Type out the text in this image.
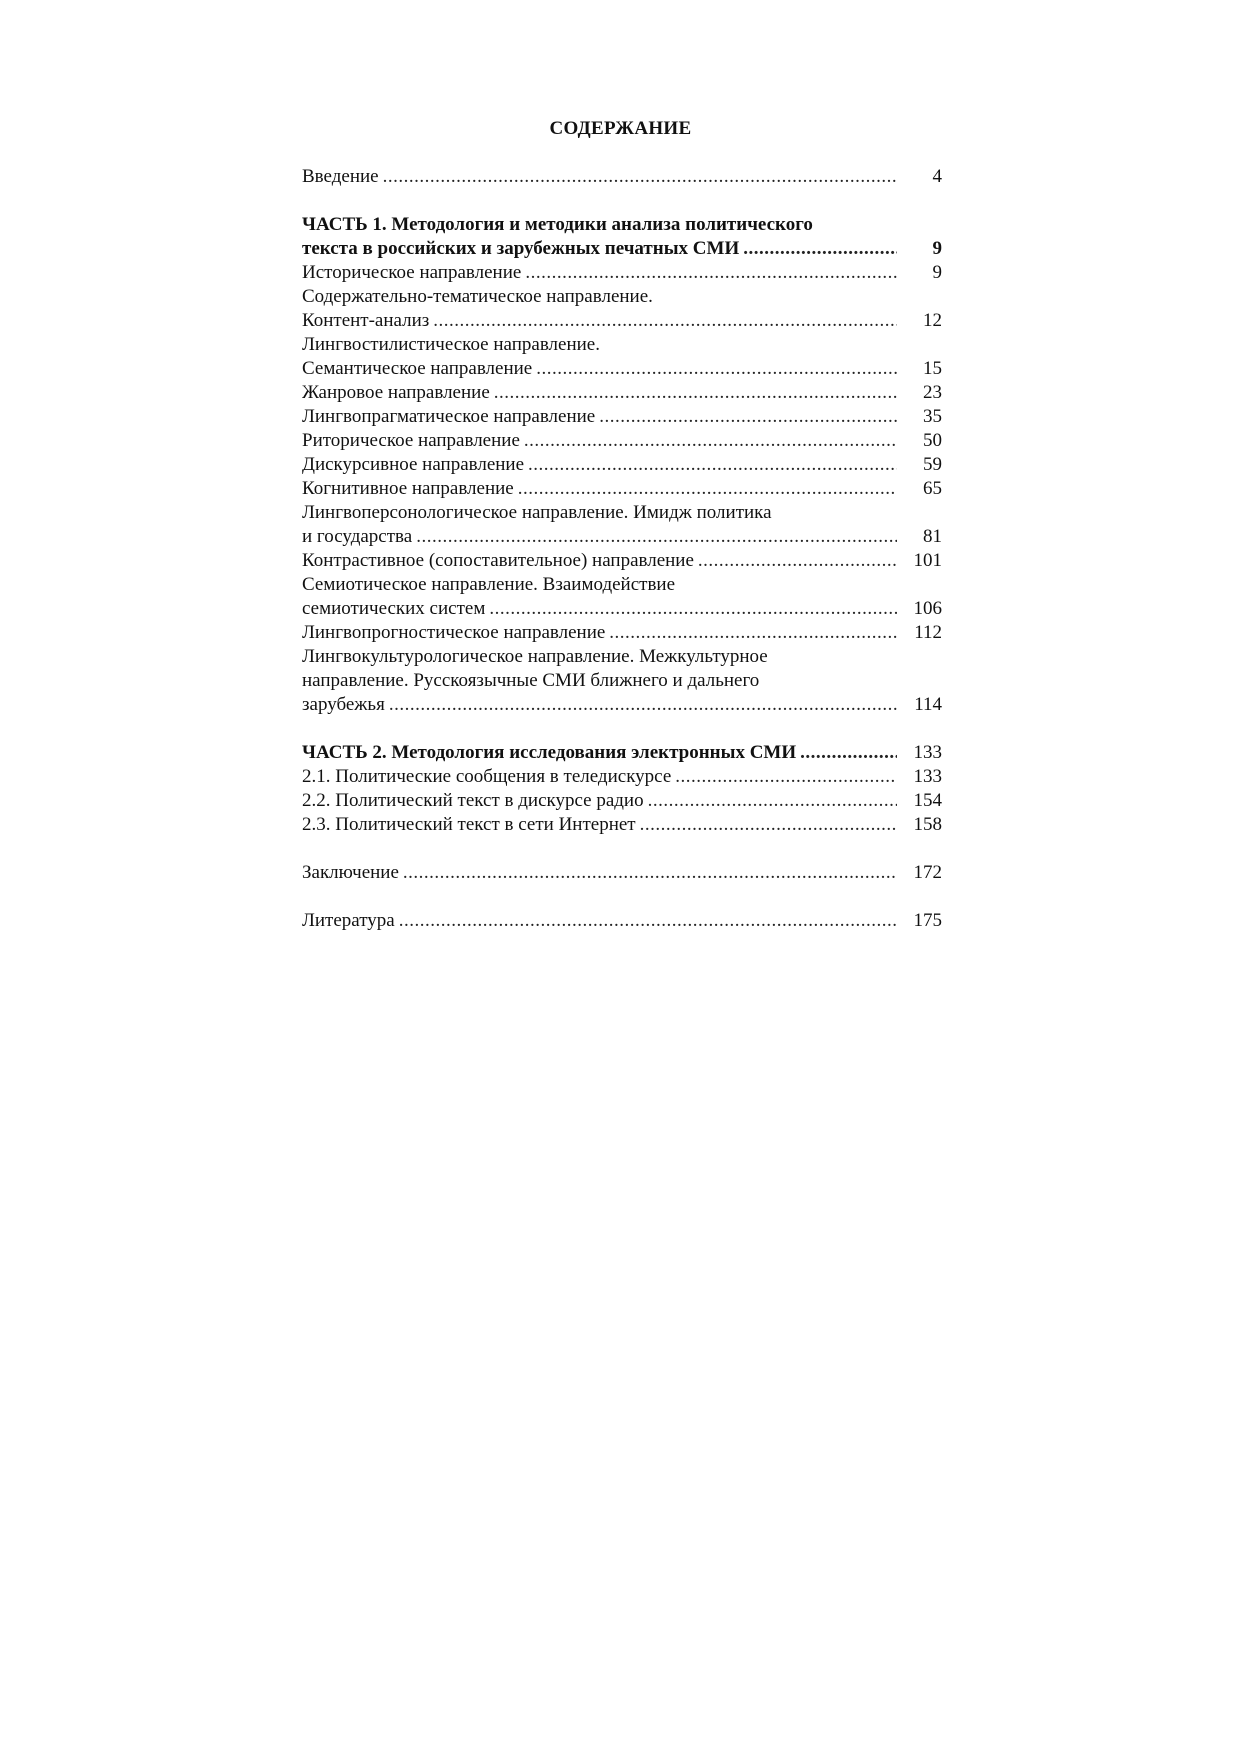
СОДЕРЖАНИЕ
Введение .....	4
ЧАСТЬ 1. Методология и методики анализа политического
текста в российских и зарубежных печатных СМИ .....	9
Историческое направление .....	9
Содержательно-тематическое направление.
Контент-анализ .....	12
Лингвостилистическое направление.
Семантическое направление .....	15
Жанровое направление .....	23
Лингвопрагматическое направление .....	35
Риторическое направление .....	50
Дискурсивное направление .....	59
Когнитивное направление .....	65
Лингвоперсонологическое направление. Имидж политика
и государства .....	81
Контрастивное (сопоставительное) направление .....	101
Семиотическое направление. Взаимодействие
семиотических систем .....	106
Лингвопрогностическое направление .....	112
Лингвокультурологическое направление. Межкультурное
направление. Русскоязычные СМИ ближнего и дальнего
зарубежья .....	114
ЧАСТЬ 2. Методология исследования электронных СМИ .....	133
2.1. Политические сообщения в теледискурсе .....	133
2.2. Политический текст в дискурсе радио .....	154
2.3. Политический текст в сети Интернет .....	158
Заключение .....	172
Литература .....	175
